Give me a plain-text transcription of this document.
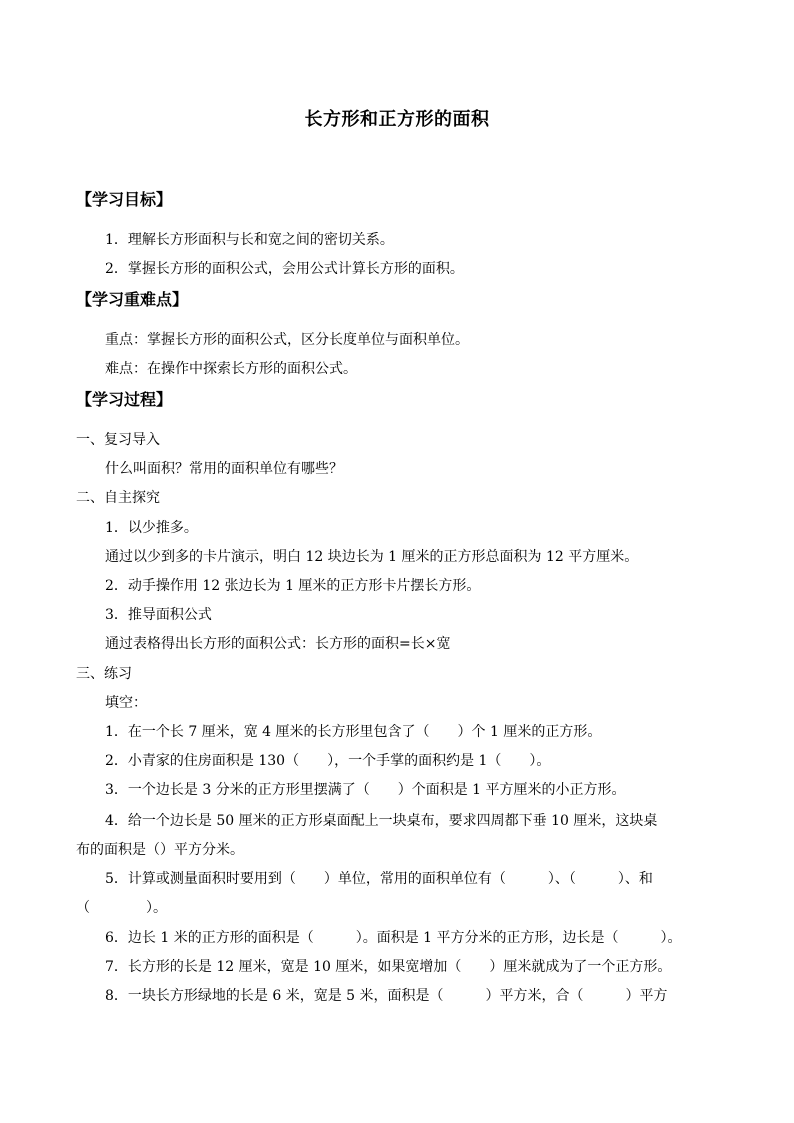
长方形和正方形的面积
【学习目标】
1．理解长方形面积与长和宽之间的密切关系。
2．掌握长方形的面积公式，会用公式计算长方形的面积。
【学习重难点】
重点：掌握长方形的面积公式，区分长度单位与面积单位。
难点：在操作中探索长方形的面积公式。
【学习过程】
一、复习导入
什么叫面积？常用的面积单位有哪些？
二、自主探究
1．以少推多。
通过以少到多的卡片演示，明白 12 块边长为 1 厘米的正方形总面积为 12 平方厘米。
2．动手操作用 12 张边长为 1 厘米的正方形卡片摆长方形。
3．推导面积公式
通过表格得出长方形的面积公式：长方形的面积=长×宽
三、练习
填空：
1．在一个长 7 厘米，宽 4 厘米的长方形里包含了（　　）个 1 厘米的正方形。
2．小青家的住房面积是 130（　　），一个手掌的面积约是 1（　　）。
3．一个边长是 3 分米的正方形里摆满了（　　）个面积是 1 平方厘米的小正方形。
4．给一个边长是 50 厘米的正方形桌面配上一块桌布，要求四周都下垂 10 厘米，这块桌
布的面积是（）平方分米。
5．计算或测量面积时要用到（　　）单位，常用的面积单位有（　　　）、（　　　）、和
（　　　　）。
6．边长 1 米的正方形的面积是（　　　）。面积是 1 平方分米的正方形，边长是（　　　）。
7．长方形的长是 12 厘米，宽是 10 厘米，如果宽增加（　　）厘米就成为了一个正方形。
8．一块长方形绿地的长是 6 米，宽是 5 米，面积是（　　　）平方米，合（　　　）平方
